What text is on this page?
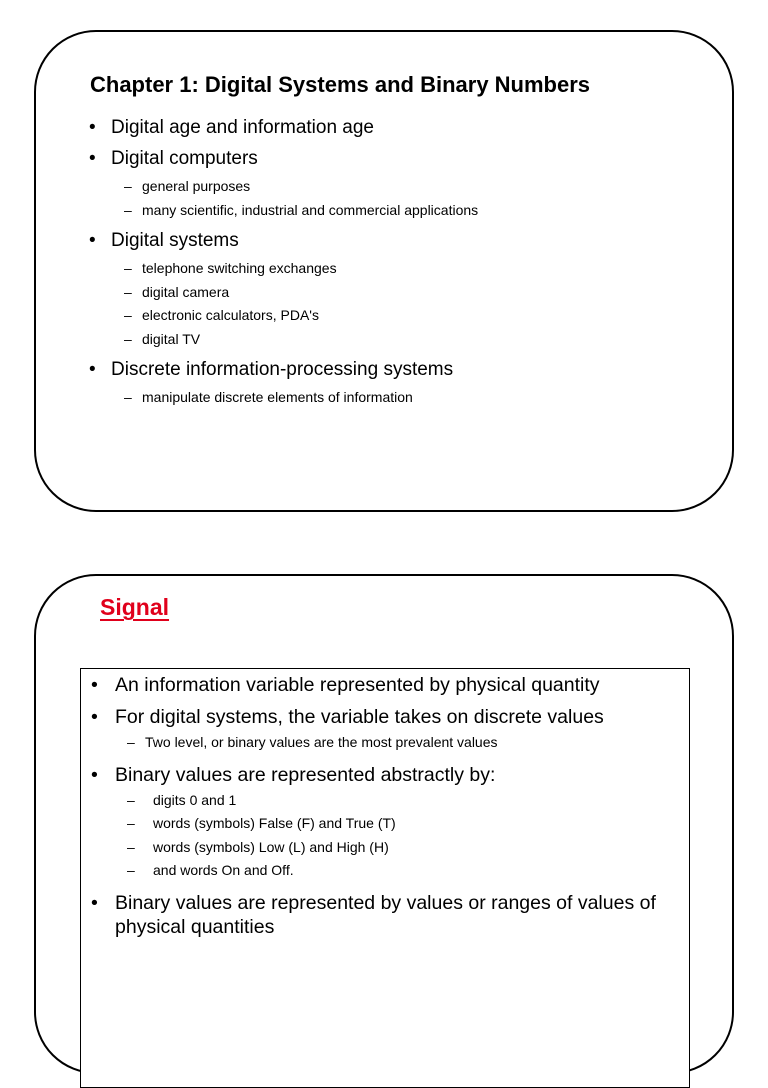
Chapter 1: Digital Systems and Binary Numbers
• Digital age and information age
• Digital computers
– general purposes
– many scientific, industrial and commercial applications
• Digital systems
– telephone switching exchanges
– digital camera
– electronic calculators, PDA's
– digital TV
• Discrete information-processing systems
– manipulate discrete elements of information
Signal
• An information variable represented by physical quantity
• For digital systems, the variable takes on discrete values
– Two level, or binary values are the most prevalent values
• Binary values are represented abstractly by:
– digits 0 and 1
– words (symbols) False (F) and True (T)
– words (symbols) Low (L) and High (H)
– and words On and Off.
• Binary values are represented by values or ranges of values of physical quantities
